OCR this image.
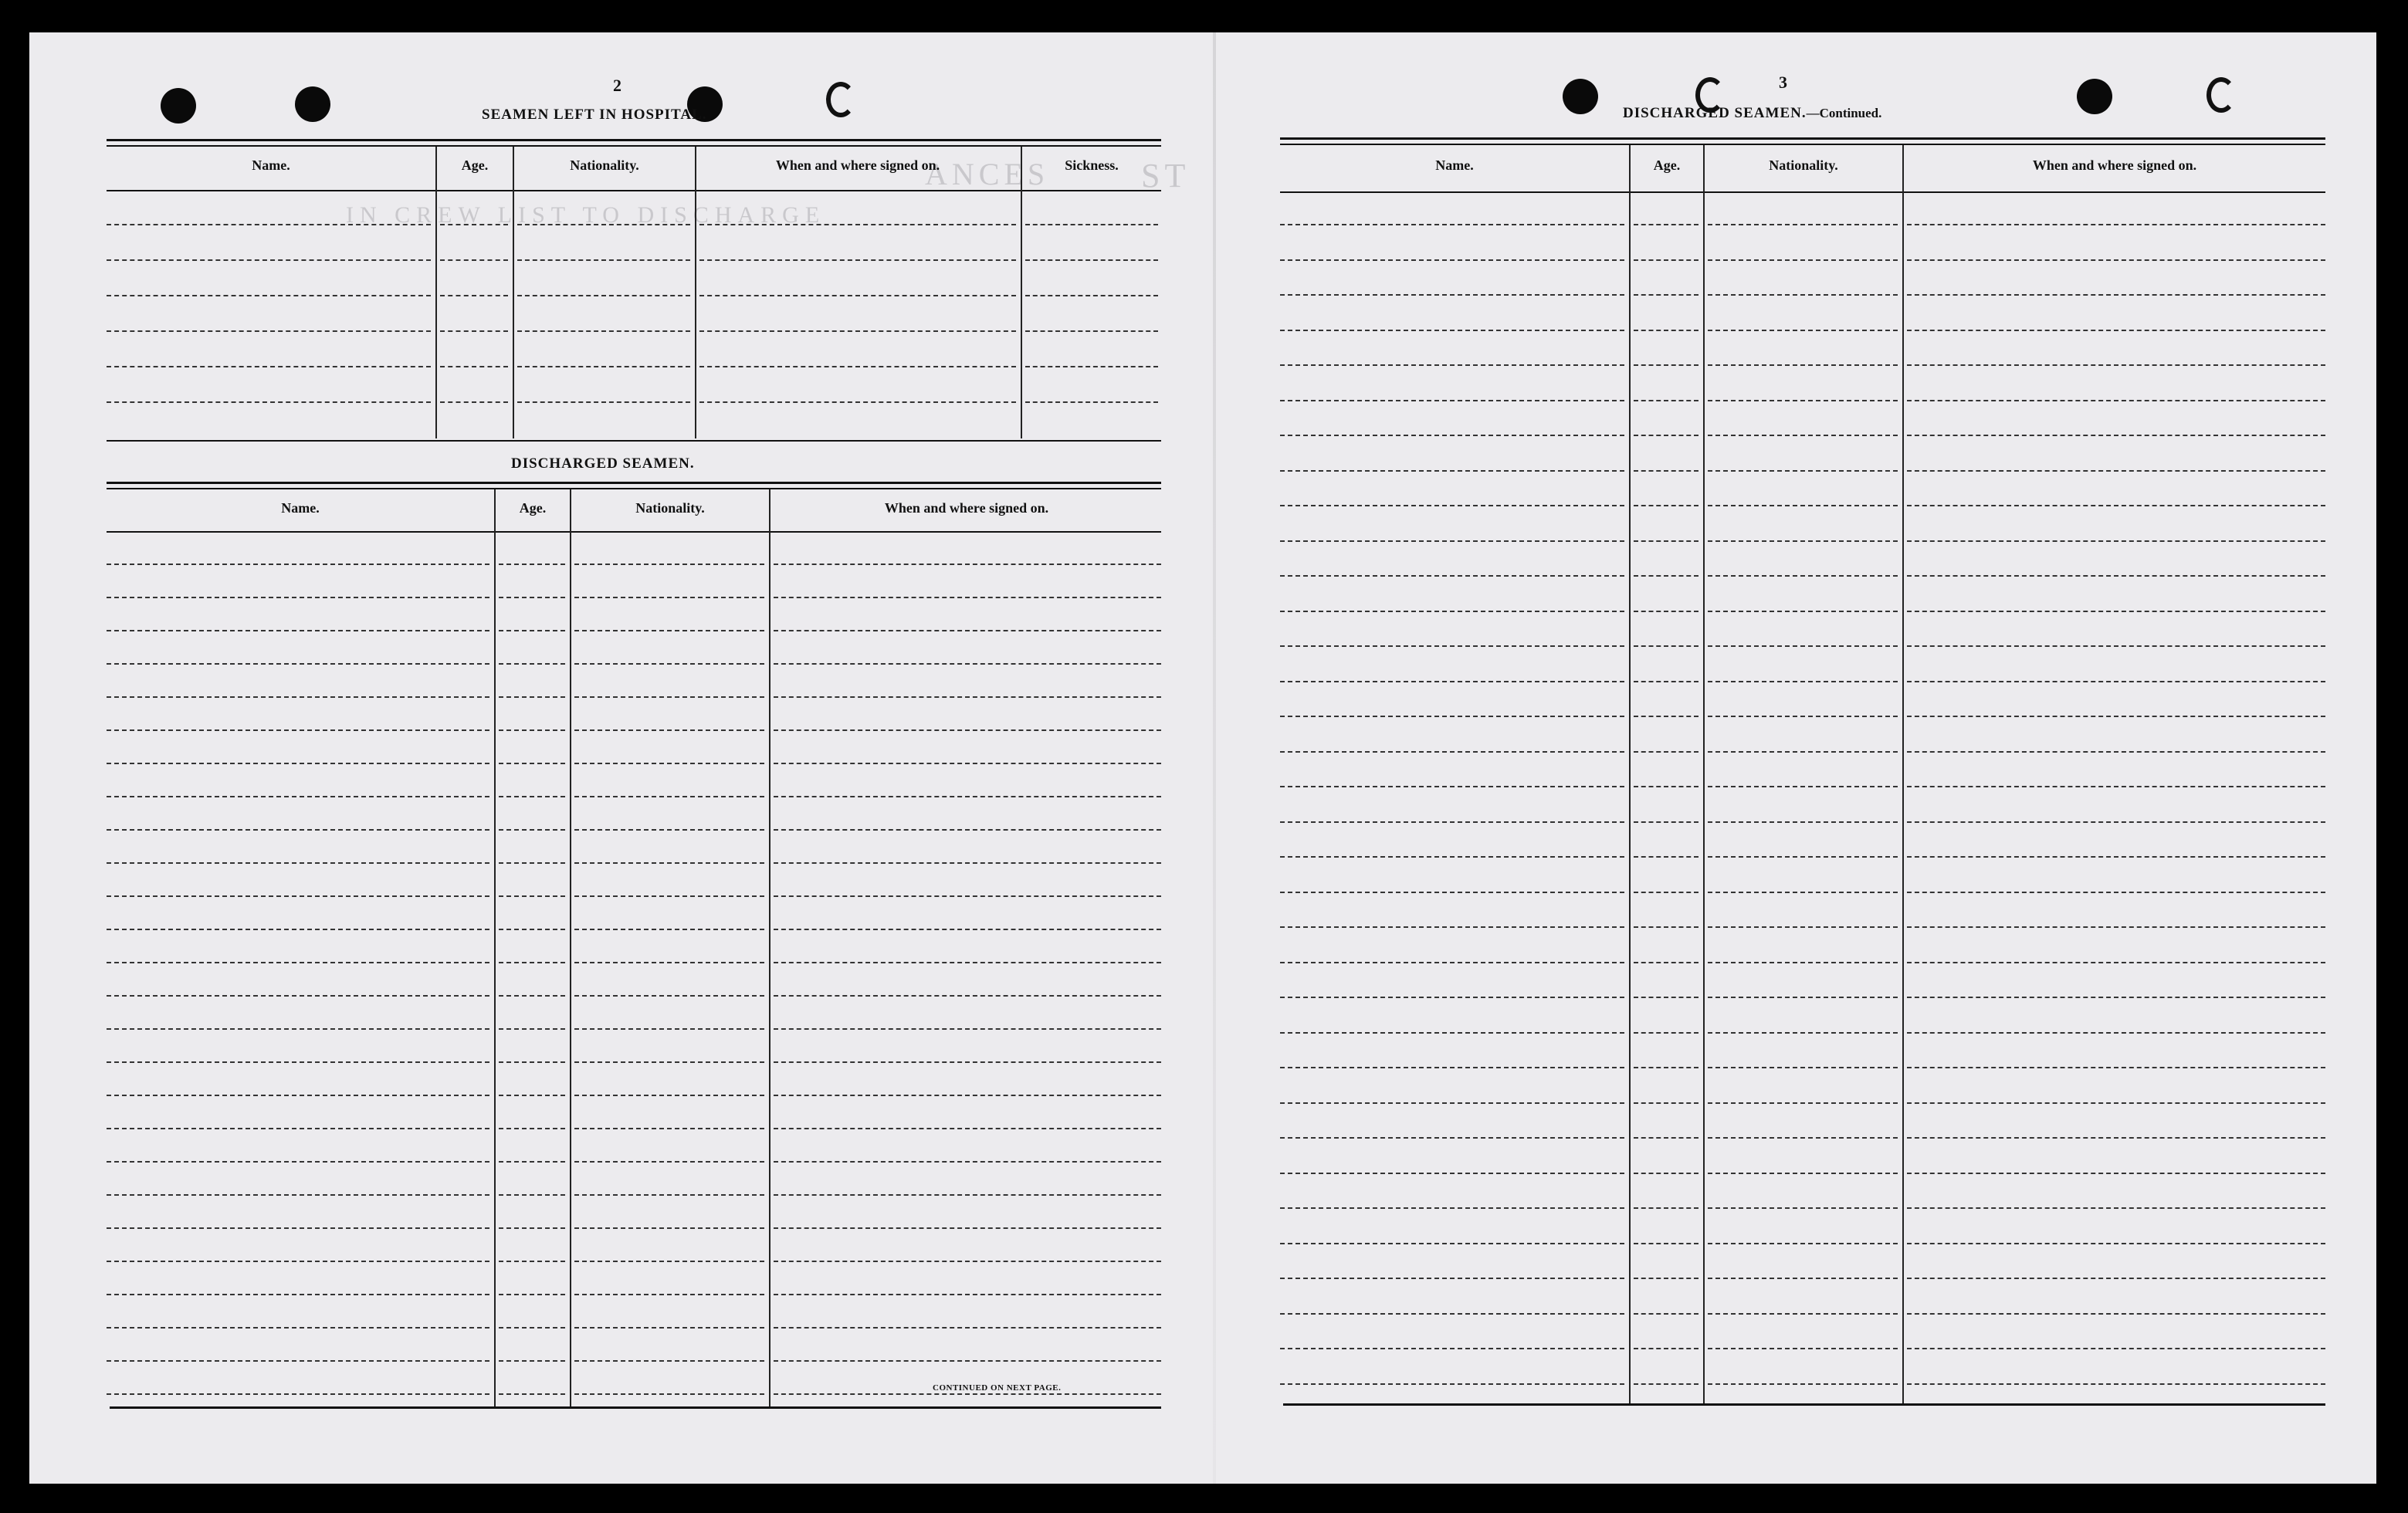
ST
ANCES
IN CREW LIST TO DISCHARGE
2
SEAMEN LEFT IN HOSPITAL.
Name.	Age.	Nationality.	When and where signed on.	Sickness.
DISCHARGED SEAMEN.
Name.	Age.	Nationality.	When and where signed on.
CONTINUED ON NEXT PAGE.
3
DISCHARGED SEAMEN.—Continued.
Name.	Age.	Nationality.	When and where signed on.
